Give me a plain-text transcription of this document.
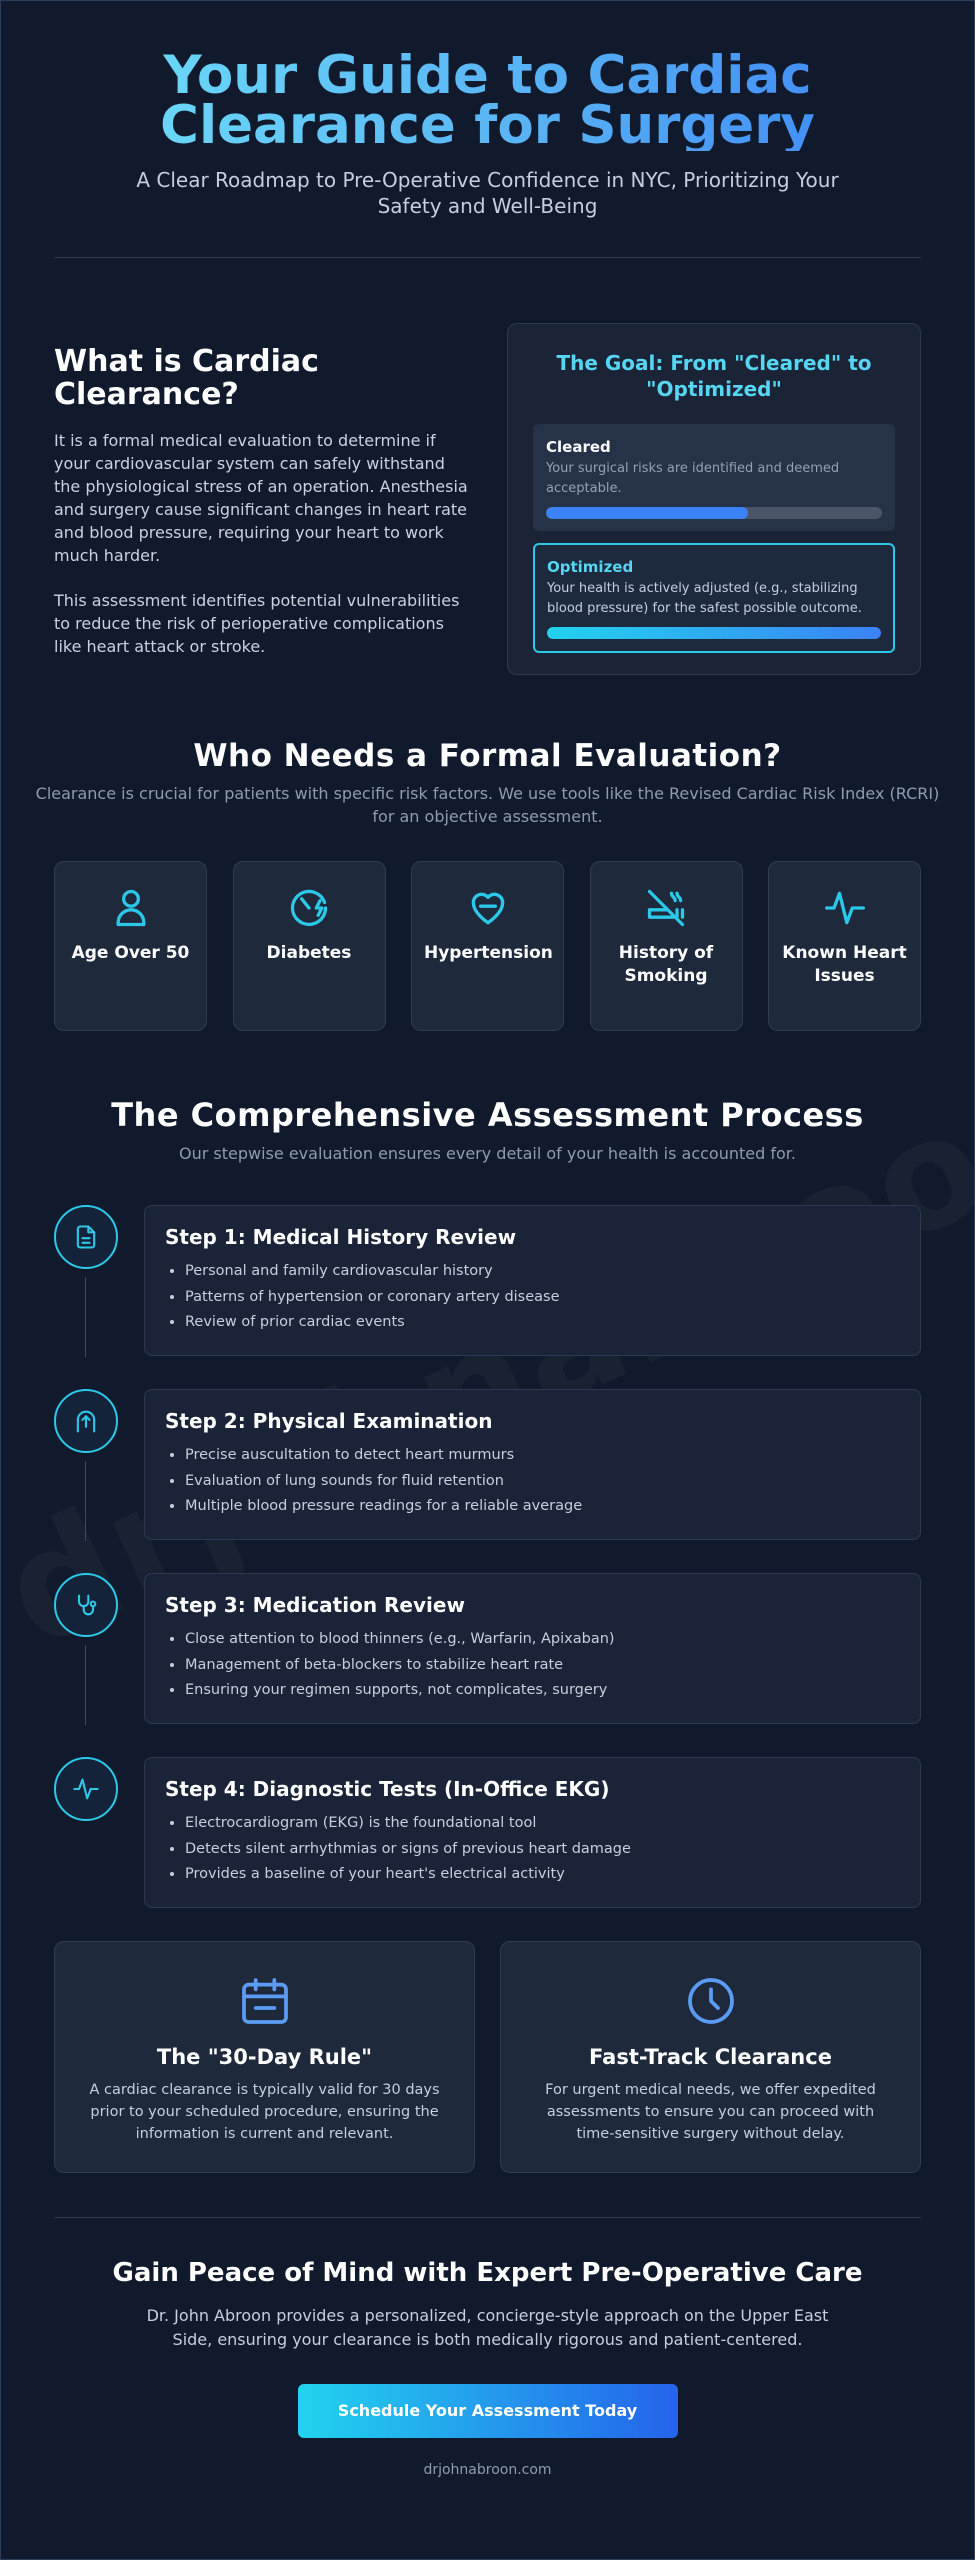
Your Guide to Cardiac Clearance for Surgery

A Clear Roadmap to Pre-Operative Confidence in NYC, Prioritizing Your Safety and Well-Being

What is Cardiac Clearance?

It is a formal medical evaluation to determine if your cardiovascular system can safely withstand the physiological stress of an operation. Anesthesia and surgery cause significant changes in heart rate and blood pressure, requiring your heart to work much harder.

This assessment identifies potential vulnerabilities to reduce the risk of perioperative complications like heart attack or stroke.

The Goal: From "Cleared" to "Optimized"
Cleared
Your surgical risks are identified and deemed acceptable.
Optimized
Your health is actively adjusted (e.g., stabilizing blood pressure) for the safest possible outcome.
Who Needs a Formal Evaluation?

Clearance is crucial for patients with specific risk factors. We use tools like the Revised Cardiac Risk Index (RCRI) for an objective assessment.

Age Over 50	Diabetes	Hypertension	History of Smoking
Known Heart Issues
The Comprehensive Assessment Process

Our stepwise evaluation ensures every detail of your health is accounted for.

Step 1: Medical History Review
• Personal and family cardiovascular history
• Patterns of hypertension or coronary artery disease
• Review of prior cardiac events
Step 2: Physical Examination
• Precise auscultation to detect heart murmurs
• Evaluation of lung sounds for fluid retention
• Multiple blood pressure readings for a reliable average
Step 3: Medication Review
• Close attention to blood thinners (e.g., Warfarin, Apixaban)
• Management of beta-blockers to stabilize heart rate
• Ensuring your regimen supports, not complicates, surgery
Step 4: Diagnostic Tests (In-Office EKG)
• Electrocardiogram (EKG) is the foundational tool
• Detects silent arrhythmias or signs of previous heart damage
• Provides a baseline of your heart's electrical activity
The "30-Day Rule"

A cardiac clearance is typically valid for 30 days prior to your scheduled procedure, ensuring the information is current and relevant.

Fast-Track Clearance

For urgent medical needs, we offer expedited assessments to ensure you can proceed with time-sensitive surgery without delay.

Gain Peace of Mind with Expert Pre-Operative Care

Dr. John Abroon provides a personalized, concierge-style approach on the Upper East Side, ensuring your clearance is both medically rigorous and patient-centered.

Schedule Your Assessment Today
drjohnabroon.com
